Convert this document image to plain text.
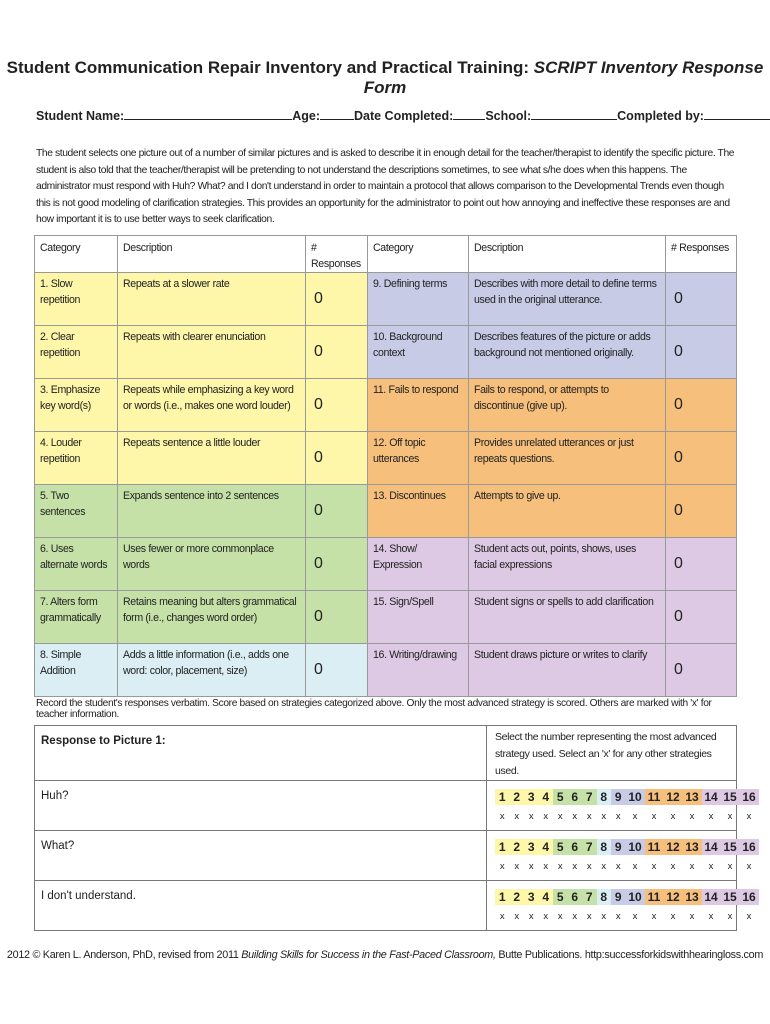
Student Communication Repair Inventory and Practical Training: SCRIPT Inventory Response Form
Student Name:	Age:	Date Completed:	School:	Completed by:
The student selects one picture out of a number of similar pictures and is asked to describe it in enough detail for the teacher/therapist to identify the specific picture. The student is also told that the teacher/therapist will be pretending to not understand the descriptions sometimes, to see what s/he does when this happens. The administrator must respond with Huh? What? and I don't understand in order to maintain a protocol that allows comparison to the Developmental Trends even though this is not good modeling of clarification strategies. This provides an opportunity for the administrator to point out how annoying and ineffective these responses are and how important it is to use better ways to seek clarification.
Category	Description	# Responses	Category	Description	# Responses
1. Slow repetition	Repeats at a slower rate	0	9. Defining terms	Describes with more detail to define terms used in the original utterance.	0
2. Clear repetition	Repeats with clearer enunciation	0	10. Background context	Describes features of the picture or adds background not mentioned originally.	0
3. Emphasize key word(s)	Repeats while emphasizing a key word or words (i.e., makes one word louder)	0	11. Fails to respond	Fails to respond, or attempts to discontinue (give up).	0
4. Louder repetition	Repeats sentence a little louder	0	12. Off topic utterances	Provides unrelated utterances or just repeats questions.	0
5. Two sentences	Expands sentence into 2 sentences	0	13. Discontinues	Attempts to give up.	0
6. Uses alternate words	Uses fewer or more commonplace words	0	14. Show/ Expression	Student acts out, points, shows, uses facial expressions	0
7. Alters form grammatically	Retains meaning but alters grammatical form (i.e., changes word order)	0	15. Sign/Spell	Student signs or spells to add clarification	0
8. Simple Addition	Adds a little information (i.e., adds one word: color, placement, size)	0	16. Writing/drawing	Student draws picture or writes to clarify	0
Record the student's responses verbatim. Score based on strategies categorized above. Only the most advanced strategy is scored. Others are marked with 'x' for teacher information.
Response to Picture 1:	Select the number representing the most advanced strategy used. Select an 'x' for any other strategies used.
Huh?	1 2 3 4 5 6 7 8 9 10 11 12 13 14 15 16
x x x x x x x x x x x x x x x x

What?	1 2 3 4 5 6 7 8 9 10 11 12 13 14 15 16
x x x x x x x x x x x x x x x x

I don't understand.	1 2 3 4 5 6 7 8 9 10 11 12 13 14 15 16
x x x x x x x x x x x x x x x x
2012 © Karen L. Anderson, PhD, revised from 2011 Building Skills for Success in the Fast-Paced Classroom, Butte Publications. http:successforkidswithhearingloss.com
